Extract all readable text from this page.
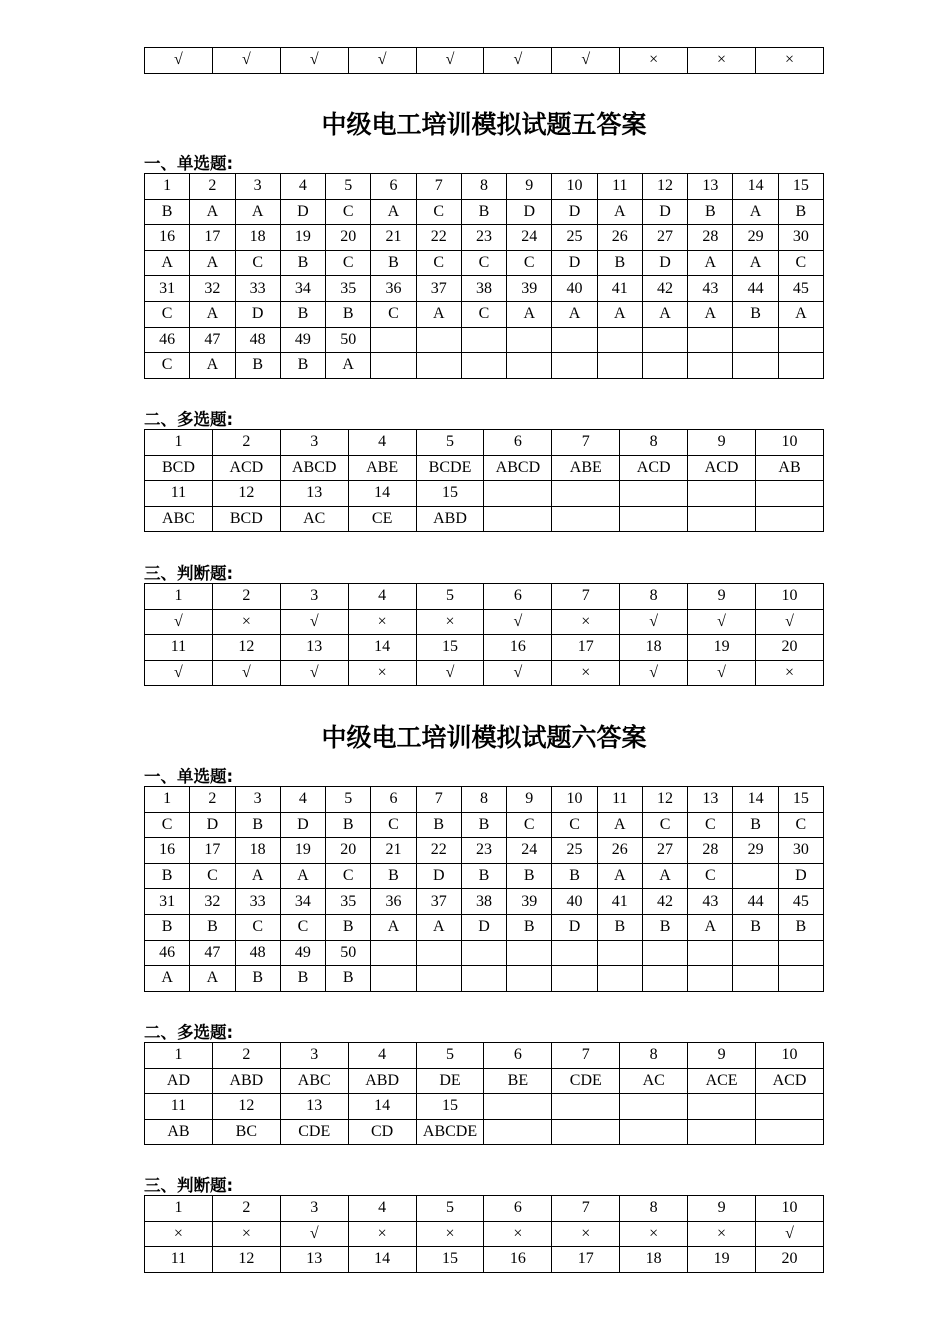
√	√	√	√	√	√	√	×	×	×
中级电工培训模拟试题五答案

一、单选题:

1	2	3	4	5	6	7	8	9	10	11	12	13	14	15
B	A	A	D	C	A	C	B	D	D	A	D	B	A	B
16	17	18	19	20	21	22	23	24	25	26	27	28	29	30
A	A	C	B	C	B	C	C	C	D	B	D	A	A	C
31	32	33	34	35	36	37	38	39	40	41	42	43	44	45
C	A	D	B	B	C	A	C	A	A	A	A	A	B	A
46	47	48	49	50										
C	A	B	B	A										

二、多选题:

1	2	3	4	5	6	7	8	9	10
BCD	ACD	ABCD	ABE	BCDE	ABCD	ABE	ACD	ACD	AB
11	12	13	14	15					
ABC	BCD	AC	CE	ABD					

三、判断题:

1	2	3	4	5	6	7	8	9	10
√	×	√	×	×	√	×	√	√	√
11	12	13	14	15	16	17	18	19	20
√	√	√	×	√	√	×	√	√	×
中级电工培训模拟试题六答案

一、单选题:

1	2	3	4	5	6	7	8	9	10	11	12	13	14	15
C	D	B	D	B	C	B	B	C	C	A	C	C	B	C
16	17	18	19	20	21	22	23	24	25	26	27	28	29	30
B	C	A	A	C	B	D	B	B	B	A	A	C		D
31	32	33	34	35	36	37	38	39	40	41	42	43	44	45
B	B	C	C	B	A	A	D	B	D	B	B	A	B	B
46	47	48	49	50										
A	A	B	B	B										

二、多选题:

1	2	3	4	5	6	7	8	9	10
AD	ABD	ABC	ABD	DE	BE	CDE	AC	ACE	ACD
11	12	13	14	15					
AB	BC	CDE	CD	ABCDE					

三、判断题:

1	2	3	4	5	6	7	8	9	10
×	×	√	×	×	×	×	×	×	√
11	12	13	14	15	16	17	18	19	20
